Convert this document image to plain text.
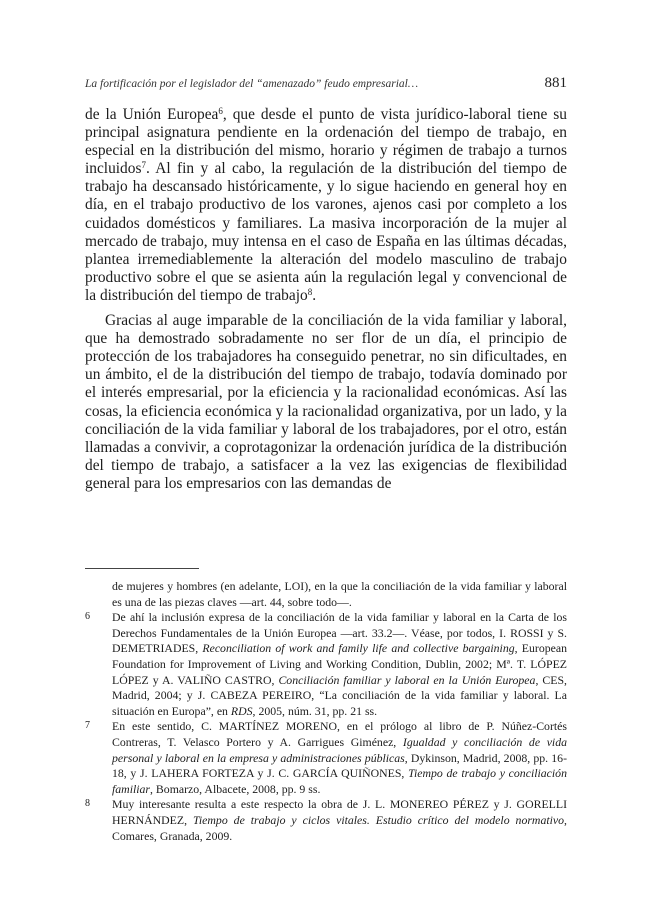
La fortificación por el legislador del “amenazado” feudo empresarial…	881

de la Unión Europea$^6$, que desde el punto de vista jurídico-laboral tiene su principal asignatura pendiente en la ordenación del tiempo de trabajo, en especial en la distribución del mismo, horario y régimen de trabajo a turnos incluidos$^7$. Al fin y al cabo, la regulación de la distribución del tiempo de trabajo ha descansado históricamente, y lo sigue haciendo en general hoy en día, en el trabajo productivo de los varones, ajenos casi por completo a los cuidados domésticos y familiares. La masiva incorporación de la mujer al mercado de trabajo, muy intensa en el caso de España en las últimas décadas, plantea irremediablemente la alteración del modelo masculino de trabajo productivo sobre el que se asienta aún la regulación legal y convencional de la distribución del tiempo de trabajo$^8$.

Gracias al auge imparable de la conciliación de la vida familiar y laboral, que ha demostrado sobradamente no ser flor de un día, el principio de protección de los trabajadores ha conseguido penetrar, no sin dificultades, en un ámbito, el de la distribución del tiempo de trabajo, todavía dominado por el interés empresarial, por la eficiencia y la racionalidad económicas. Así las cosas, la eficiencia económica y la racionalidad organizativa, por un lado, y la conciliación de la vida familiar y laboral de los trabajadores, por el otro, están llamadas a convivir, a coprotagonizar la ordenación jurídica de la distribución del tiempo de trabajo, a satisfacer a la vez las exigencias de flexibilidad general para los empresarios con las demandas de

de mujeres y hombres (en adelante, LOI), en la que la conciliación de la vida familiar y laboral es una de las piezas claves —art. 44, sobre todo—.
6	De ahí la inclusión expresa de la conciliación de la vida familiar y laboral en la Carta de los Derechos Fundamentales de la Unión Europea —art. 33.2—. Véase, por todos, I. ROSSI y S. DEMETRIADES, Reconciliation of work and family life and collective bargaining, European Foundation for Improvement of Living and Working Condition, Dublin, 2002; Mª. T. LÓPEZ LÓPEZ y A. VALIÑO CASTRO, Conciliación familiar y laboral en la Unión Europea, CES, Madrid, 2004; y J. CABEZA PEREIRO, “La conciliación de la vida familiar y laboral. La situación en Europa”, en RDS, 2005, núm. 31, pp. 21 ss.
7	En este sentido, C. MARTÍNEZ MORENO, en el prólogo al libro de P. Núñez-Cortés Contreras, T. Velasco Portero y A. Garrigues Giménez, Igualdad y conciliación de vida personal y laboral en la empresa y administraciones públicas, Dykinson, Madrid, 2008, pp. 16-18, y J. LAHERA FORTEZA y J. C. GARCÍA QUIÑONES, Tiempo de trabajo y conciliación familiar, Bomarzo, Albacete, 2008, pp. 9 ss.
8	Muy interesante resulta a este respecto la obra de J. L. MONEREO PÉREZ y J. GORELLI HERNÁNDEZ, Tiempo de trabajo y ciclos vitales. Estudio crítico del modelo normativo, Comares, Granada, 2009.
